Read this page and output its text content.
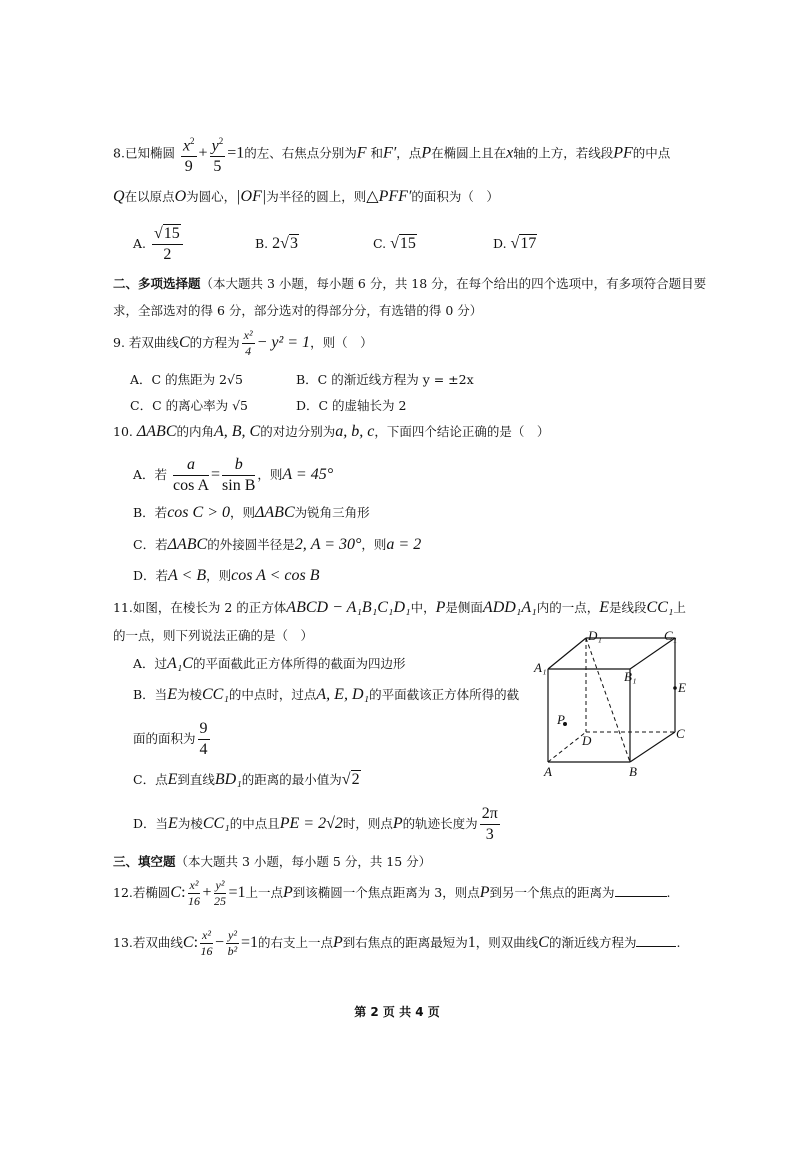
8.已知椭圆 $\frac{x^2}{9} + \frac{y^2}{5} =1$的左、右焦点分别为F 和F′，点P在椭圆上且在x轴的上方，若线段PF的中点
Q在以原点O为圆心，|OF|为半径的圆上，则△PFF′的面积为（　）
A. $\frac{√15}{2}$	B. 2√3	C. √15	D. √17
二、多项选择题（本大题共 3 小题，每小题 6 分，共 18 分，在每个给出的四个选项中，有多项符合题目要
求，全部选对的得 6 分，部分选对的得部分分，有选错的得 0 分）
9. 若双曲线C的方程为 $\frac{\text{x²}}{4} - y^2 = 1$，则（　）
A．C 的焦距为 2√5	B．C 的渐近线方程为 y = ±2x
C．C 的离心率为 √5	D．C 的虚轴长为 2
10. ΔABC的内角A, B, C的对边分别为a, b, c，下面四个结论正确的是（　）
A．若 $\frac{a}{\text{cos A}} = \frac{b}{\text{sin B}}$ ，则A = 45°
B．若cos C > 0，则ΔABC为锐角三角形
C．若ΔABC的外接圆半径是2, A = 30°，则a = 2
D．若A < B，则cos A < cos B
11.如图，在棱长为 2 的正方体ABCD − A₁B₁C₁D₁中，P是侧面ADD₁A₁内的一点，E是线段CC₁上
的一点，则下列说法正确的是（　）
A．过A₁C的平面截此正方体所得的截面为四边形
B．当E为棱CC₁的中点时，过点A, E, D₁的平面截该正方体所得的截
面的面积为 $\frac{9}{4}$
C．点E到直线BD₁的距离的最小值为√2
D．当E为棱CC₁的中点且PE = 2√2时，则点P的轨迹长度为 $\frac{2\pi}{3}$
D₁	C₁
A₁
B₁
E
P
D	C
A	B
三、填空题（本大题共 3 小题，每小题 5 分，共 15 分）
12.若椭圆C: $\frac{\text{x²}}{16} + \frac{\text{y²}}{25} =1$上一点P到该椭圆一个焦点距离为 3，则点P到另一个焦点的距离为	.
13.若双曲线C: $\frac{\text{x²}}{16} - \frac{\text{y²}}{\text{b²}} =1$的右支上一点P到右焦点的距离最短为1，则双曲线C的渐近线方程为	.
第 2 页 共 4 页
